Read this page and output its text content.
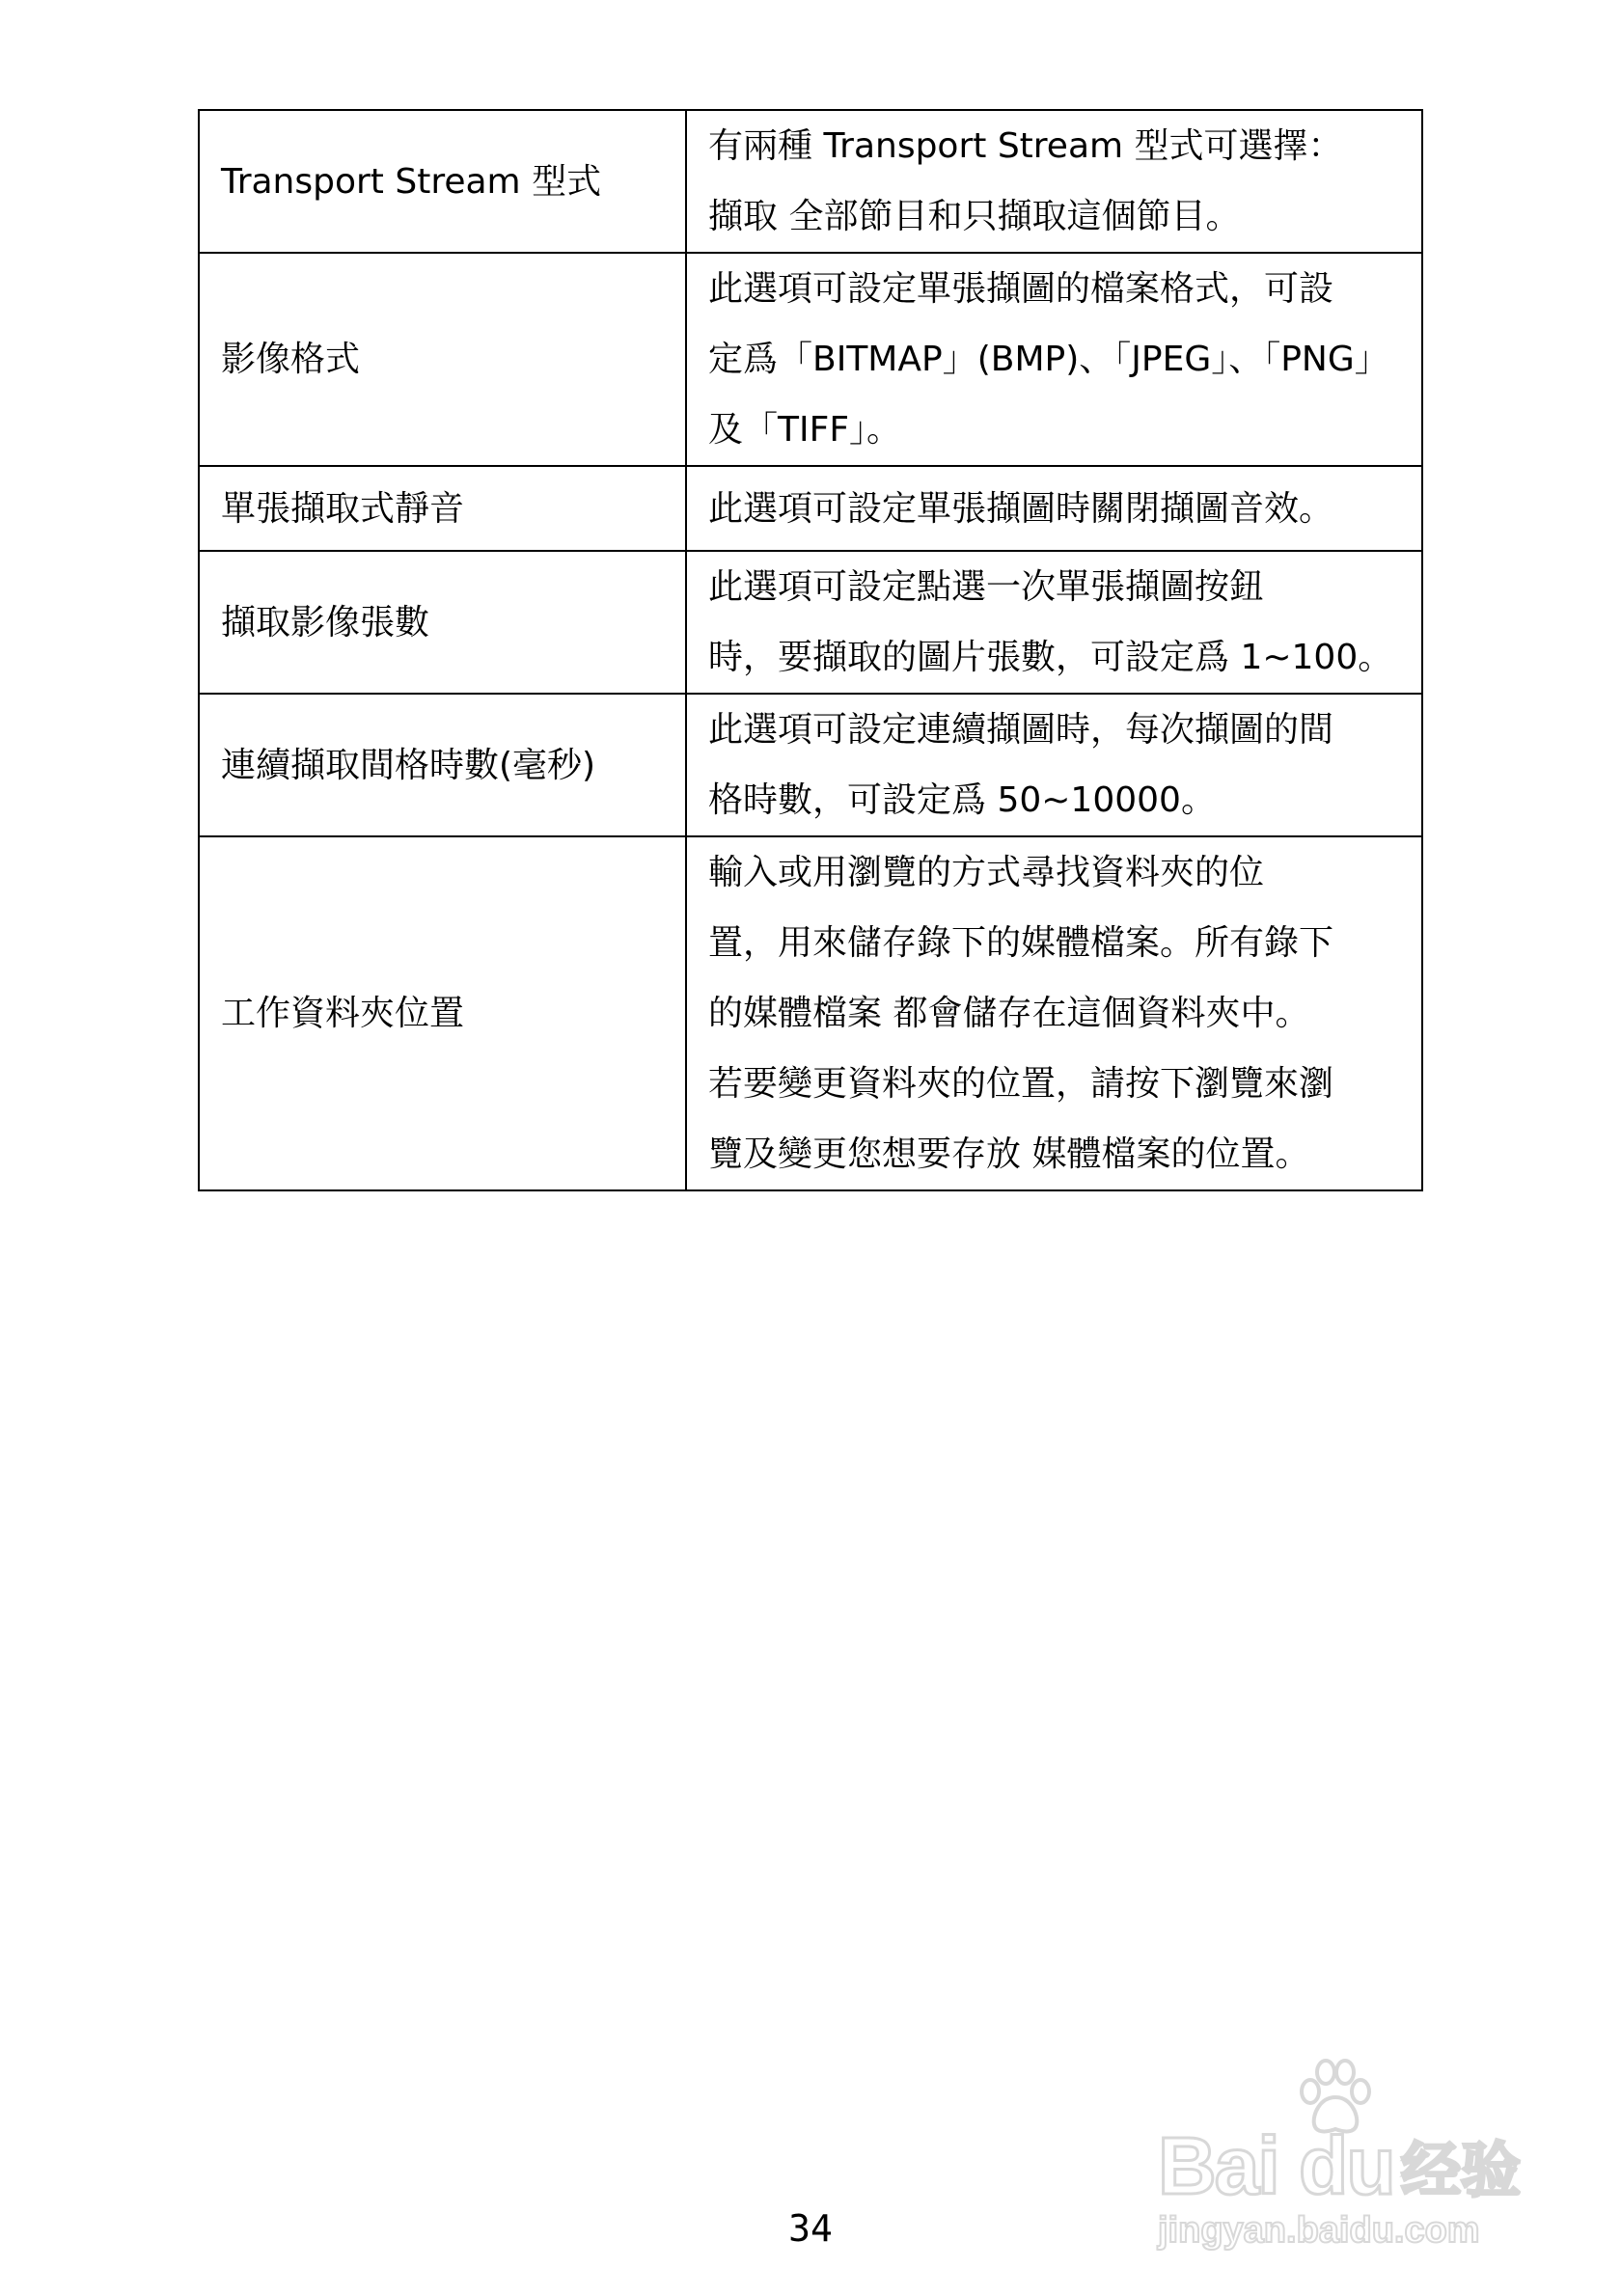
Transport Stream 型式	有兩種 Transport Stream 型式可選擇：
擷取 全部節目和只擷取這個節目。

影像格式	此選項可設定單張擷圖的檔案格式，可設
定爲「BITMAP」(BMP)、「JPEG」、「PNG」
及「TIFF」。

單張擷取式靜音	此選項可設定單張擷圖時關閉擷圖音效。

擷取影像張數	此選項可設定點選一次單張擷圖按鈕
時，要擷取的圖片張數，可設定爲 1~100。

連續擷取間格時數(毫秒)	此選項可設定連續擷圖時，每次擷圖的間
格時數，可設定爲 50~10000。

工作資料夾位置	輸入或用瀏覽的方式尋找資料夾的位
置，用來儲存錄下的媒體檔案。所有錄下
的媒體檔案 都會儲存在這個資料夾中。
若要變更資料夾的位置，請按下瀏覽來瀏
覽及變更您想要存放 媒體檔案的位置。
34
Bai du 经验
jingyan.baidu.com
